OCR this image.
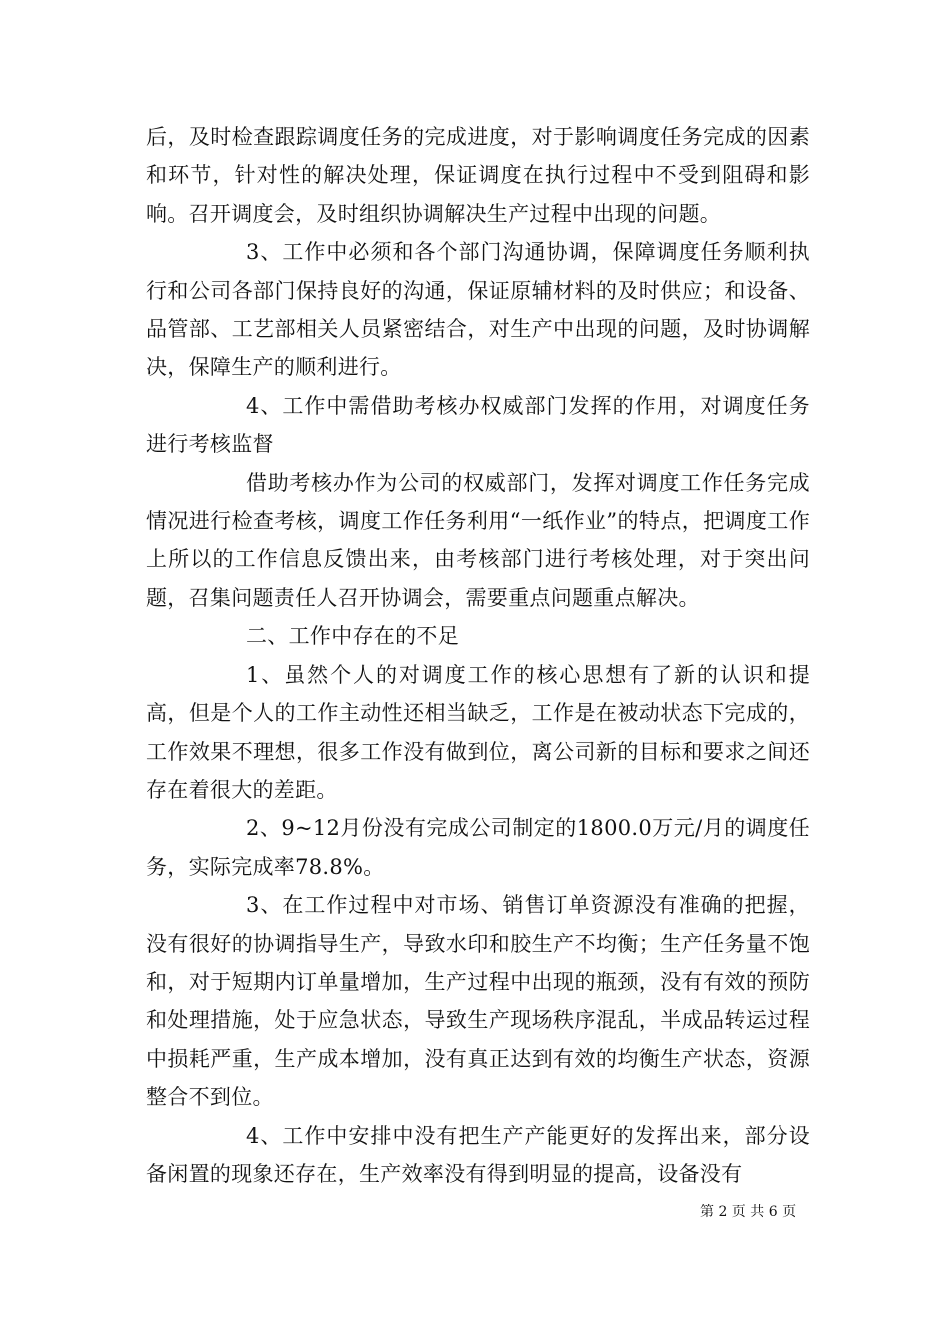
后，及时检查跟踪调度任务的完成进度，对于影响调度任务完成的因素和环节，针对性的解决处理，保证调度在执行过程中不受到阻碍和影响。召开调度会，及时组织协调解决生产过程中出现的问题。

3、工作中必须和各个部门沟通协调，保障调度任务顺利执行和公司各部门保持良好的沟通，保证原辅材料的及时供应；和设备、品管部、工艺部相关人员紧密结合，对生产中出现的问题，及时协调解决，保障生产的顺利进行。

4、工作中需借助考核办权威部门发挥的作用，对调度任务进行考核监督

借助考核办作为公司的权威部门，发挥对调度工作任务完成情况进行检查考核，调度工作任务利用“一纸作业”的特点，把调度工作上所以的工作信息反馈出来，由考核部门进行考核处理，对于突出问题，召集问题责任人召开协调会，需要重点问题重点解决。

二、工作中存在的不足

1、虽然个人的对调度工作的核心思想有了新的认识和提高，但是个人的工作主动性还相当缺乏，工作是在被动状态下完成的，工作效果不理想，很多工作没有做到位，离公司新的目标和要求之间还存在着很大的差距。

2、9~12月份没有完成公司制定的1800.0万元/月的调度任务，实际完成率78.8%。

3、在工作过程中对市场、销售订单资源没有准确的把握，没有很好的协调指导生产，导致水印和胶生产不均衡；生产任务量不饱和，对于短期内订单量增加，生产过程中出现的瓶颈，没有有效的预防和处理措施，处于应急状态，导致生产现场秩序混乱，半成品转运过程中损耗严重，生产成本增加，没有真正达到有效的均衡生产状态，资源整合不到位。

4、工作中安排中没有把生产产能更好的发挥出来，部分设备闲置的现象还存在，生产效率没有得到明显的提高，设备没有

第 2 页 共 6 页
